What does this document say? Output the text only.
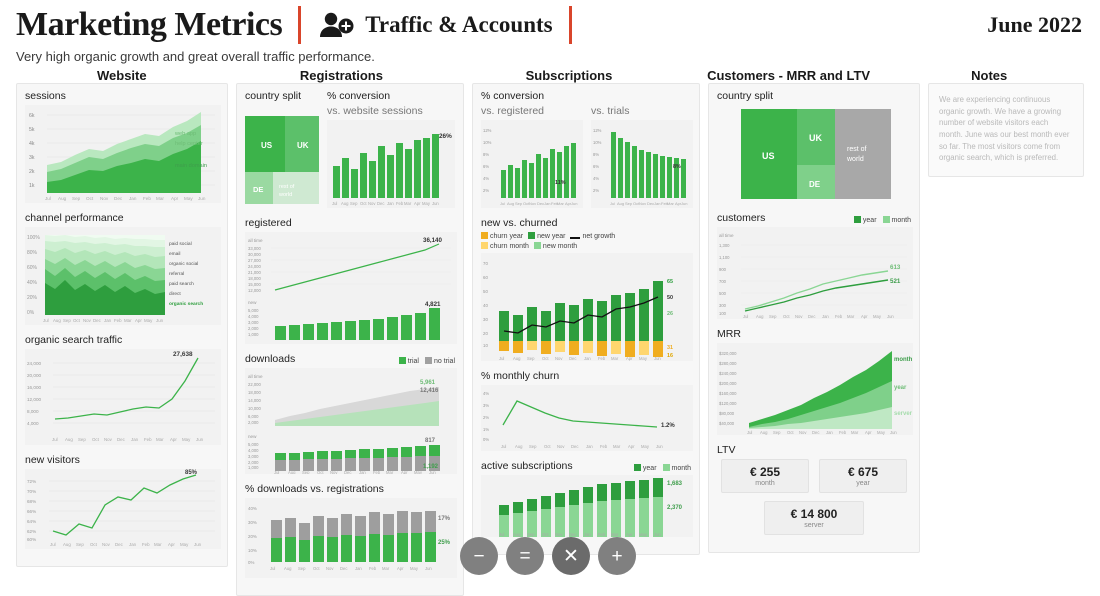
Marketing Metrics	Traffic & Accounts	June 2022
Very high organic growth and great overall traffic performance.
Website	Registrations	Subscriptions	Customers - MRR and LTV	Notes
sessions
6k
5k
4k
3k
2k
1k
web app
help center
main domain
Jul Aug Sep Oct Nov Dec Jan Feb Mar Apr May Jun
channel performance
100%
80%
60%
40%
20%
0%
paid social
email
organic social
referral
paid search
direct
organic search
Jul Aug Sep Oct Nov Dec Jan Feb Mar Apr May Jun
organic search traffic
24,000
20,000
16,000
12,000
8,000
4,000
27,638
Jul Aug Sep Oct Nov Dec Jan Feb Mar Apr May Jun
new visitors
72%
70%
68%
66%
64%
62%
60%
85%
Jul Aug Sep Oct Nov Dec Jan Feb Mar Apr May Jun
country split
US	UK
DE	rest of
world
% conversion
vs. website sessions
26%
Jul Aug Sep Oct Nov Dec Jan Feb Mar Apr May Jun
registered
all time
33,000
30,000
27,000
24,000
21,000
18,000
15,000
12,000
36,140
new
5,000
4,000
3,000
2,000
1,000
4,821
downloads	trial	no trial
all time
22,000
18,000
14,000
10,000
6,000
2,000
5,961
12,416
new
5,000
4,000
3,000
2,000
1,000
817
1,192
Jul Aug Sep Oct Nov Dec Jan Feb Mar Apr May Jun
% downloads vs. registrations
40%
30%
20%
10%
0%
17%
25%
Jul Aug Sep Oct Nov Dec Jan Feb Mar Apr May Jun
% conversion
vs. registered
12%
10%
8%
6%
4%
2%
11%
Jul Aug Sep Oct Nov Dec Jan Feb Mar Apr Jun
vs. trials
12%
10%
8%
6%
4%
2%
8%
Jul Aug Sep Oct Nov Dec Jan Feb Mar Apr Jun
new vs. churned
churn year	new year	net growth
churn month	new month
70
60
50
40
30
20
10
65
50
26
31
16
Jul Aug Sep Oct Nov Dec Jan Feb Mar Apr May Jun
% monthly churn
4%
3%
2%
1%
0%
1.2%
Jul Aug Sep Oct Nov Dec Jan Feb Mar Apr May Jun
active subscriptions	year	month
1,683
2,370
Jul Aug Sep Oct Nov Dec Jan Feb Mar Apr May Jun
country split
US
UK
DE
rest of
world
customers	year	month
all time
1,300
1,100
900
700
500
300
100
613
521
Jul Aug Sep Oct Nov Dec Jan Feb Mar Apr May Jun
MRR
$320,000
$280,000
$240,000
$200,000
$160,000
$120,000
$80,000
$40,000
month
year
server
Jul Aug Sep Oct Nov Dec Jan Feb Mar Apr May Jun
LTV
€ 255
month
€ 675
year
€ 14 800
server
We are experiencing continuous organic growth. We have a growing number of website visitors each month. June was our best month ever so far. The most visitors come from organic search, which is preferred.
−	=	✕	+
